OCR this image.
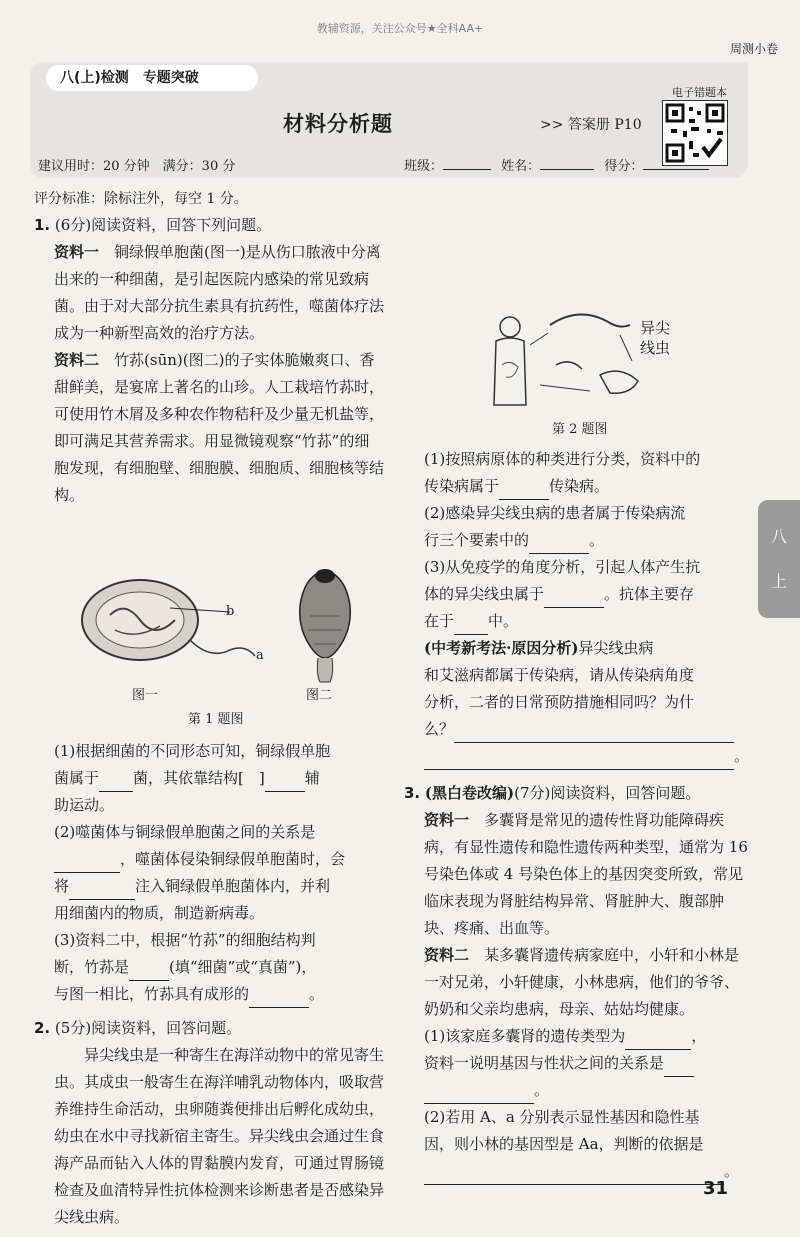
教辅资源，关注公众号★全科AA+
周测小卷
八(上)检测　专题突破
材料分析题	>> 答案册 P10
电子错题本
建议用时：20 分钟　满分：30 分	班级：	姓名：	得分：
评分标准：除标注外，每空 1 分。
1. (6分)阅读资料，回答下列问题。
资料一　铜绿假单胞菌(图一)是从伤口脓液中分离出来的一种细菌，是引起医院内感染的常见致病菌。由于对大部分抗生素具有抗药性，噬菌体疗法成为一种新型高效的治疗方法。
资料二　竹荪(sūn)(图二)的子实体脆嫩爽口、香甜鲜美，是宴席上著名的山珍。人工栽培竹荪时，可使用竹木屑及多种农作物秸秆及少量无机盐等，即可满足其营养需求。用显微镜观察“竹荪”的细胞发现，有细胞壁、细胞膜、细胞质、细胞核等结构。
b
a
图一	图二
第 1 题图
(1)根据细菌的不同形态可知，铜绿假单胞
菌属于 菌，其依靠结构[　]	辅
助运动。
(2)噬菌体与铜绿假单胞菌之间的关系是
，噬菌体侵染铜绿假单胞菌时，会
将	注入铜绿假单胞菌体内，并利
用细菌内的物质，制造新病毒。
(3)资料二中，根据“竹荪”的细胞结构判
断，竹荪是	(填“细菌”或“真菌”)，
与图一相比，竹荪具有成形的	。
2. (5分)阅读资料，回答问题。
　　异尖线虫是一种寄生在海洋动物中的常见寄生虫。其成虫一般寄生在海洋哺乳动物体内，吸取营养维持生命活动，虫卵随粪便排出后孵化成幼虫，幼虫在水中寻找新宿主寄生。异尖线虫会通过生食海产品而钻入人体的胃黏膜内发育，可通过胃肠镜检查及血清特异性抗体检测来诊断患者是否感染异尖线虫病。
异尖线虫
第 2 题图
(1)按照病原体的种类进行分类，资料中的
传染病属于	传染病。
(2)感染异尖线虫病的患者属于传染病流
行三个要素中的	。
(3)从免疫学的角度分析，引起人体产生抗
体的异尖线虫属于	。抗体主要存
在于 中。
(中考新考法·原因分析)异尖线虫病
和艾滋病都属于传染病，请从传染病角度
分析，二者的日常预防措施相同吗？为什
么？
。
3. (黑白卷改编)(7分)阅读资料，回答问题。
资料一　多囊肾是常见的遗传性肾功能障碍疾病，有显性遗传和隐性遗传两种类型，通常为 16 号染色体或 4 号染色体上的基因突变所致，常见临床表现为肾脏结构异常、肾脏肿大、腹部肿块、疼痛、出血等。
资料二　某多囊肾遗传病家庭中，小轩和小林是一对兄弟，小轩健康，小林患病，他们的爷爷、奶奶和父亲均患病，母亲、姑姑均健康。
(1)该家庭多囊肾的遗传类型为	，
资料一说明基因与性状之间的关系是
。
(2)若用 A、a 分别表示显性基因和隐性基
因，则小林的基因型是 Aa，判断的依据是
。
八
上
31
